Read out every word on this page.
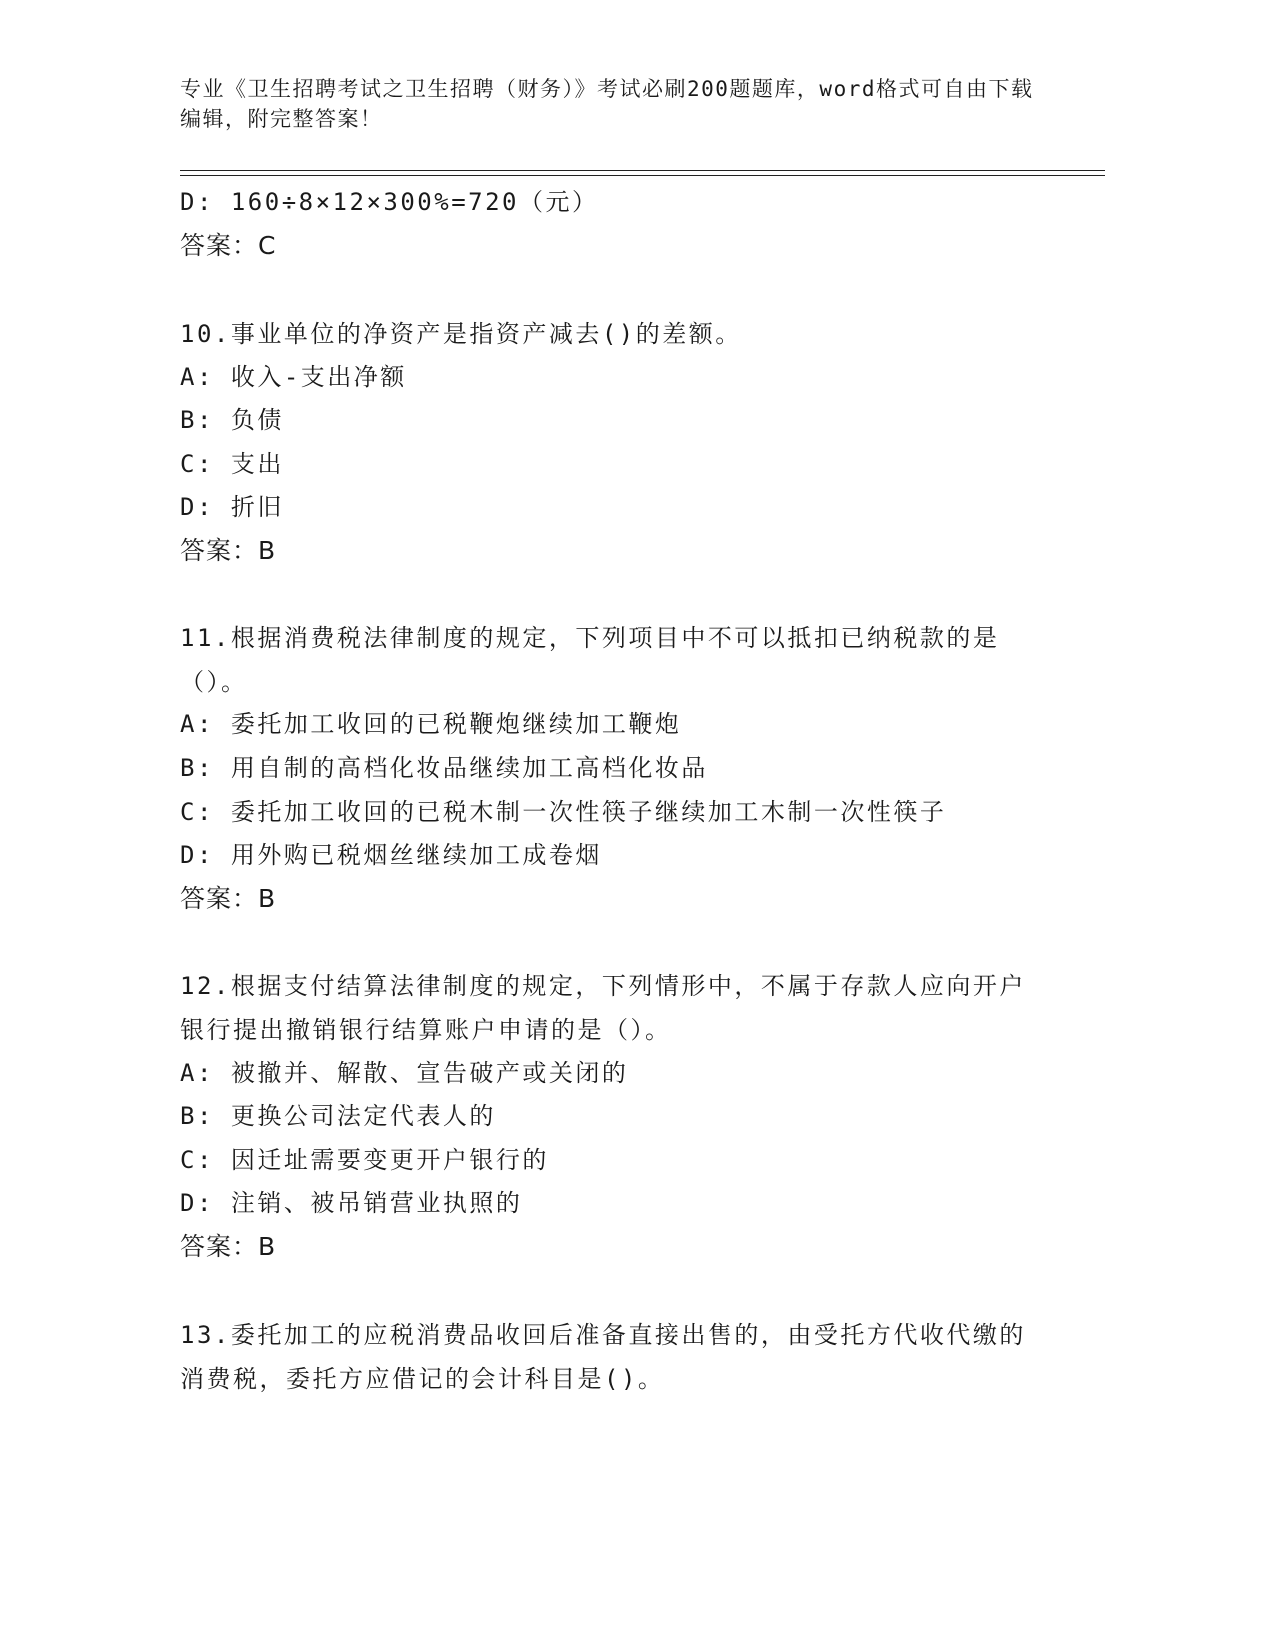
专业《卫生招聘考试之卫生招聘（财务）》考试必刷200题题库，word格式可自由下载编辑，附完整答案！
D: 160÷8×12×300%=720（元）
答案：C
10.事业单位的净资产是指资产减去()的差额。
A: 收入-支出净额
B: 负债
C: 支出
D: 折旧
答案：B
11.根据消费税法律制度的规定，下列项目中不可以抵扣已纳税款的是（）。
A: 委托加工收回的已税鞭炮继续加工鞭炮
B: 用自制的高档化妆品继续加工高档化妆品
C: 委托加工收回的已税木制一次性筷子继续加工木制一次性筷子
D: 用外购已税烟丝继续加工成卷烟
答案：B
12.根据支付结算法律制度的规定，下列情形中，不属于存款人应向开户银行提出撤销银行结算账户申请的是（）。
A: 被撤并、解散、宣告破产或关闭的
B: 更换公司法定代表人的
C: 因迁址需要变更开户银行的
D: 注销、被吊销营业执照的
答案：B
13.委托加工的应税消费品收回后准备直接出售的，由受托方代收代缴的消费税，委托方应借记的会计科目是()。
